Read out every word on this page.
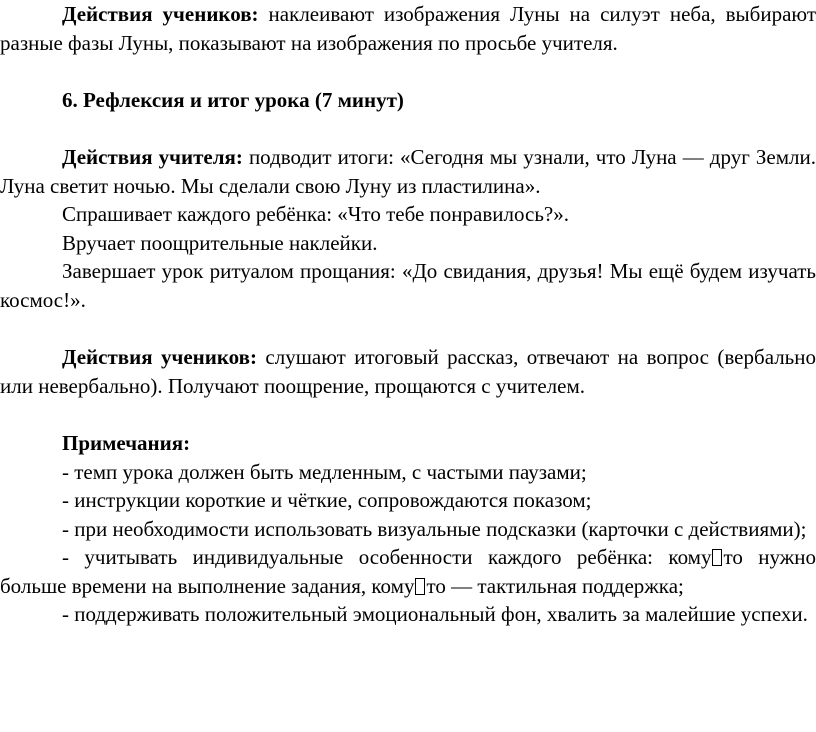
Действия учеников: наклеивают изображения Луны на силуэт неба, выбирают разные фазы Луны, показывают на изображения по просьбе учителя.

6. Рефлексия и итог урока (7 минут)

Действия учителя: подводит итоги: «Сегодня мы узнали, что Луна — друг Земли. Луна светит ночью. Мы сделали свою Луну из пластилина».

Спрашивает каждого ребёнка: «Что тебе понравилось?».

Вручает поощрительные наклейки.

Завершает урок ритуалом прощания: «До свидания, друзья! Мы ещё будем изучать космос!».

Действия учеников: слушают итоговый рассказ, отвечают на вопрос (вербально или невербально). Получают поощрение, прощаются с учителем.

Примечания:

- темп урока должен быть медленным, с частыми паузами;

- инструкции короткие и чёткие, сопровождаются показом;

- при необходимости использовать визуальные подсказки (карточки с действиями);

- учитывать индивидуальные особенности каждого ребёнка: кому то нужно больше времени на выполнение задания, кому то — тактильная поддержка;

- поддерживать положительный эмоциональный фон, хвалить за малейшие успехи.
